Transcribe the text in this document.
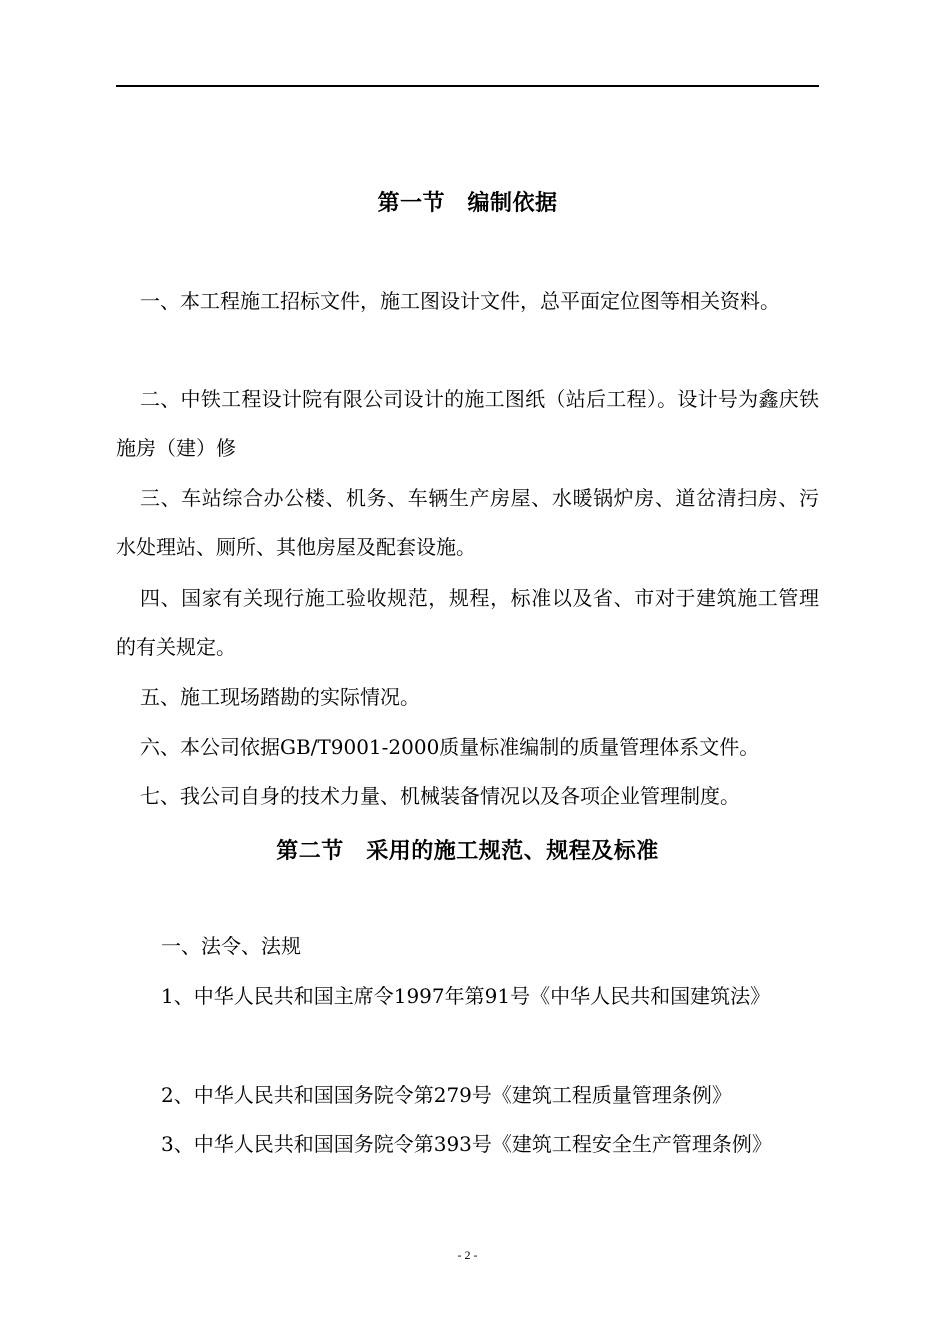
第一节　编制依据
一、本工程施工招标文件，施工图设计文件，总平面定位图等相关资料。
二、中铁工程设计院有限公司设计的施工图纸（站后工程）。设计号为鑫庆铁施房（建）修
三、车站综合办公楼、机务、车辆生产房屋、水暖锅炉房、道岔清扫房、污水处理站、厕所、其他房屋及配套设施。
四、国家有关现行施工验收规范，规程，标准以及省、市对于建筑施工管理的有关规定。
五、施工现场踏勘的实际情况。
六、本公司依据GB/T9001-2000质量标准编制的质量管理体系文件。
七、我公司自身的技术力量、机械装备情况以及各项企业管理制度。
第二节　采用的施工规范、规程及标准
一、法令、法规
1、中华人民共和国主席令1997年第91号《中华人民共和国建筑法》
2、中华人民共和国国务院令第279号《建筑工程质量管理条例》
3、中华人民共和国国务院令第393号《建筑工程安全生产管理条例》
- 2 -
